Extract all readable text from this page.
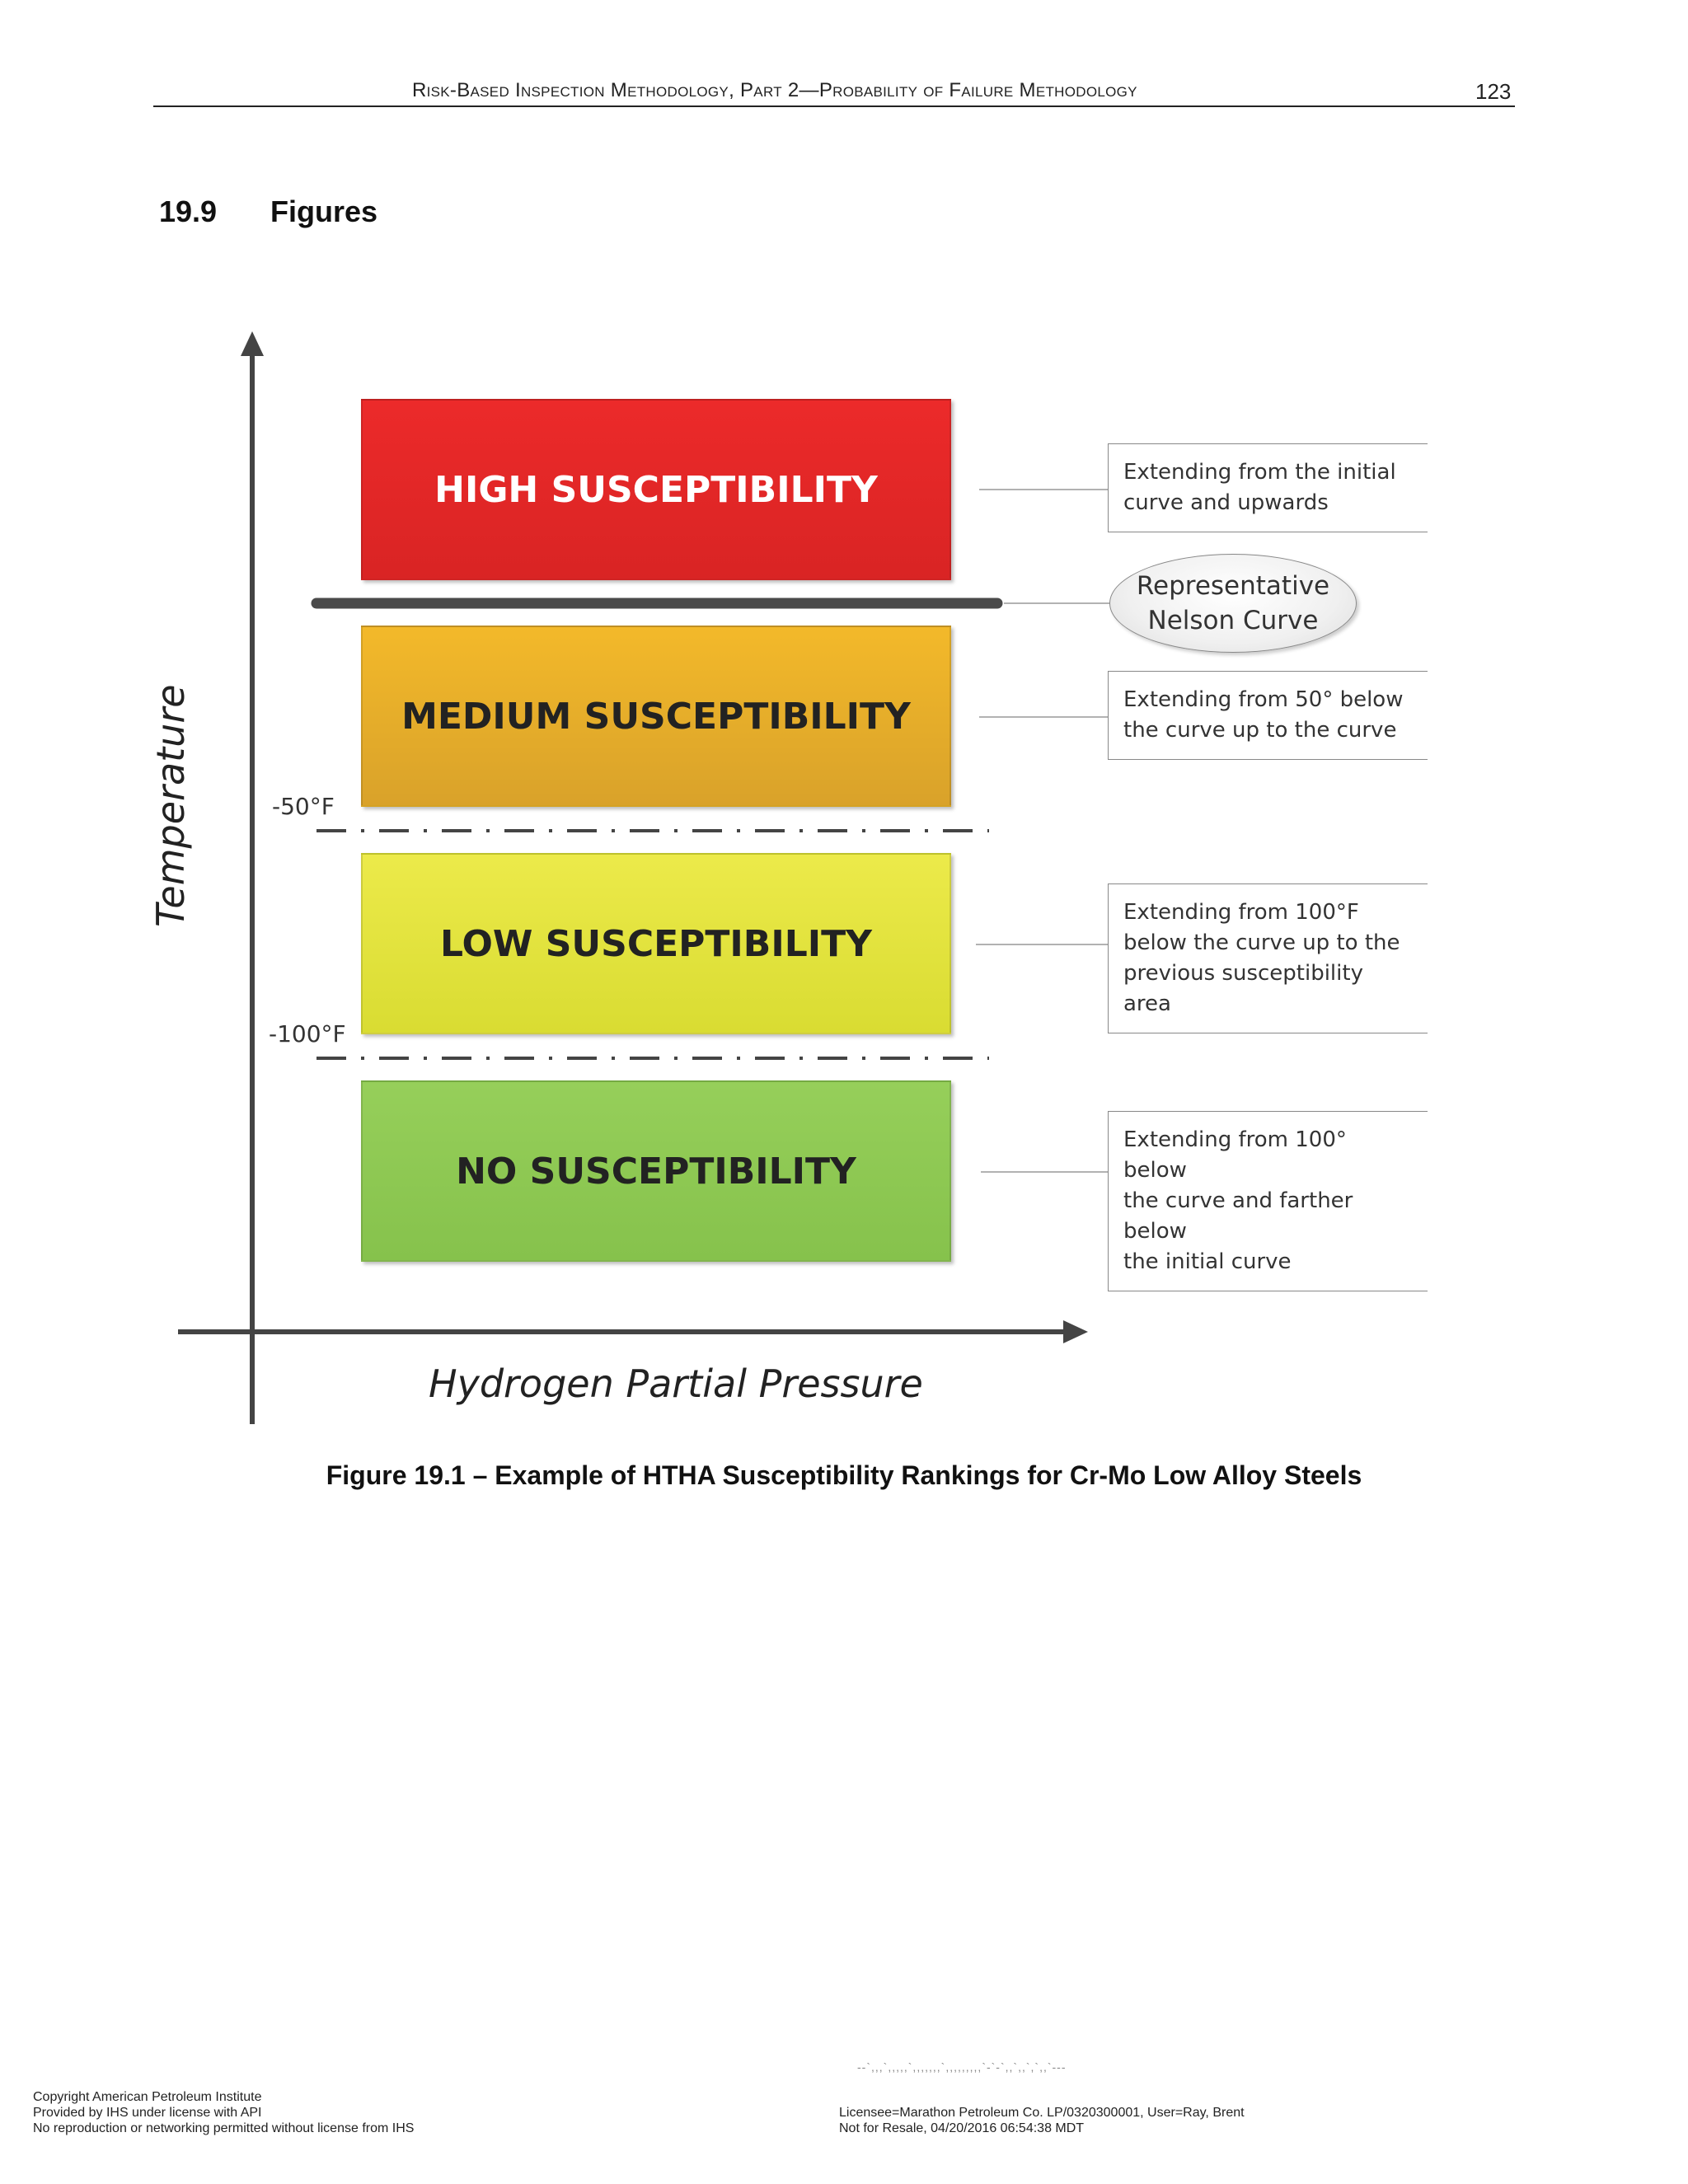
Risk-Based Inspection Methodology, Part 2—Probability of Failure Methodology	123
19.9 Figures
HIGH SUSCEPTIBILITY
MEDIUM SUSCEPTIBILITY
LOW SUSCEPTIBILITY
NO SUSCEPTIBILITY
-50°F
-100°F
Temperature
Hydrogen Partial Pressure
Representative
Nelson Curve
Extending from the initial
curve and upwards
Extending from 50° below
the curve up to the curve
Extending from 100°F
below the curve up to the
previous susceptibility area
Extending from 100° below
the curve and farther below
the initial curve
Figure 19.1 – Example of HTHA Susceptibility Rankings for Cr-Mo Low Alloy Steels
--`,,,`,,,,,`,,,,,,,`,,,,,,,,,`-`-`,,`,,`,`,,`---
Copyright American Petroleum Institute
Provided by IHS under license with API
No reproduction or networking permitted without license from IHS
Licensee=Marathon Petroleum Co. LP/0320300001, User=Ray, Brent
Not for Resale, 04/20/2016 06:54:38 MDT
